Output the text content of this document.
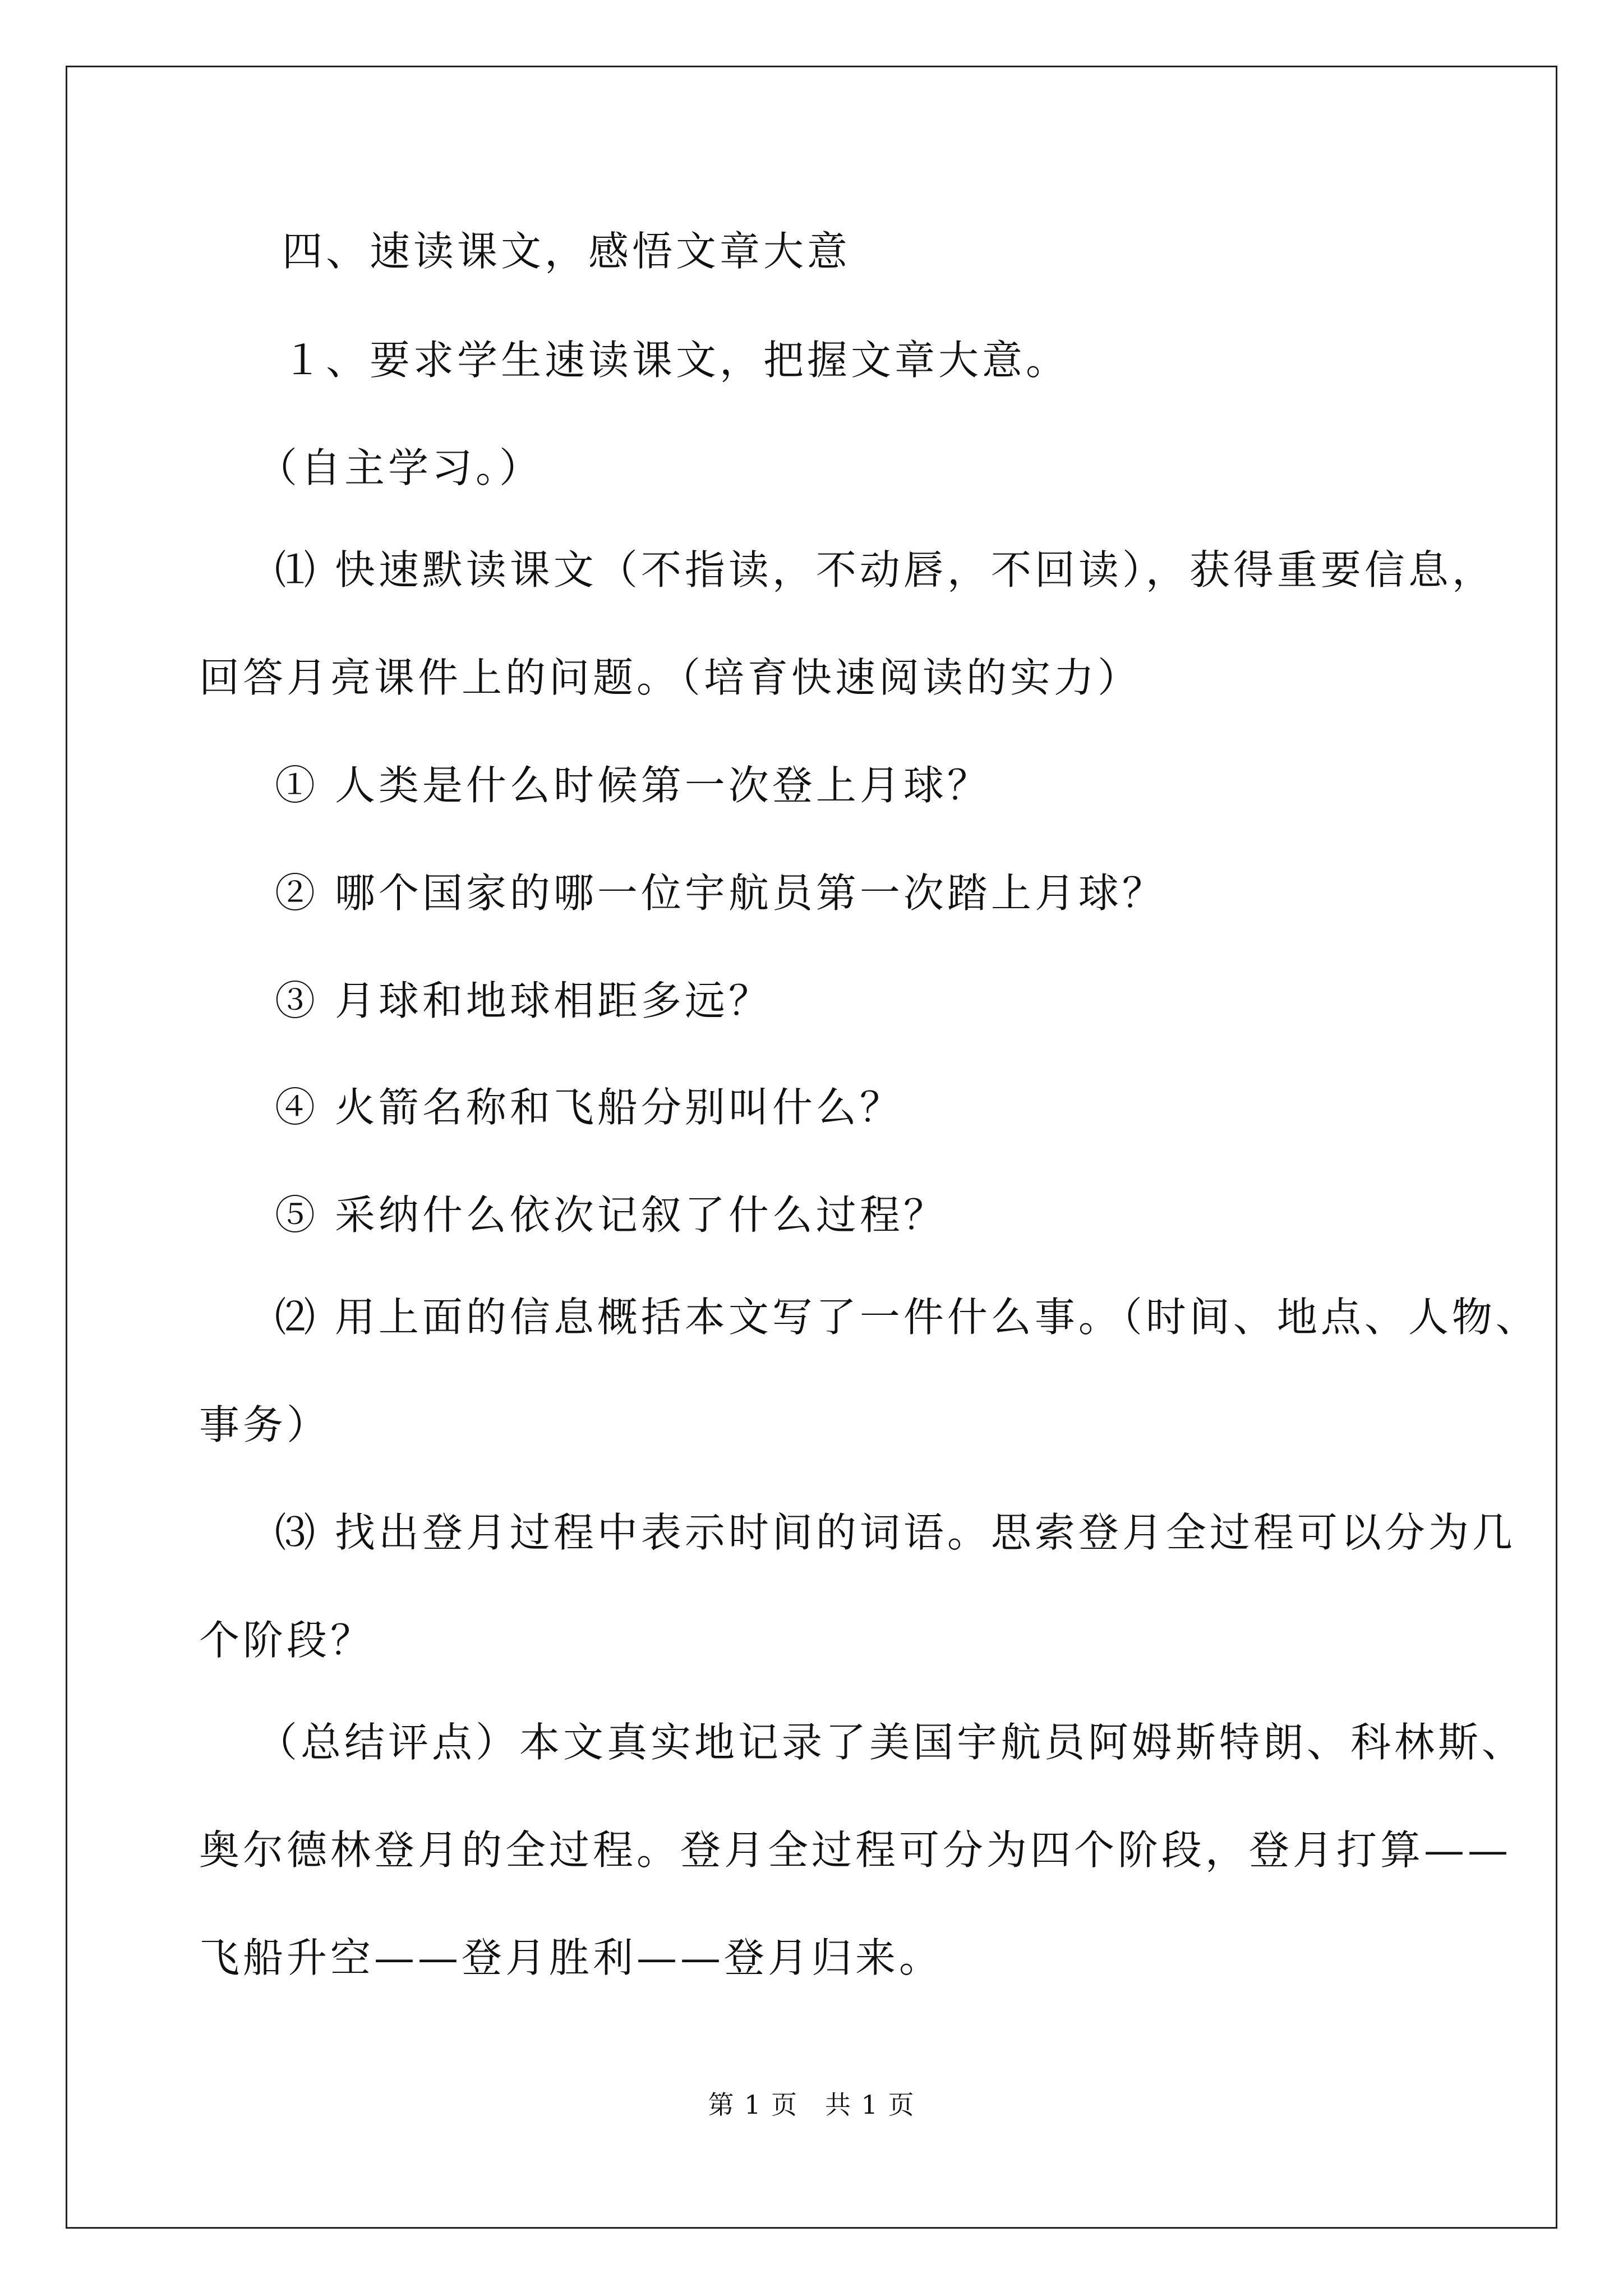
四、速读课文，感悟文章大意
１、要求学生速读课文，把握文章大意。
（自主学习。）
⑴ 快速默读课文（不指读，不动唇，不回读），获得重要信息，
回答月亮课件上的问题。（培育快速阅读的实力）
① 人类是什么时候第一次登上月球？
② 哪个国家的哪一位宇航员第一次踏上月球？
③ 月球和地球相距多远？
④ 火箭名称和飞船分别叫什么？
⑤ 采纳什么依次记叙了什么过程？
⑵ 用上面的信息概括本文写了一件什么事。（时间、地点、人物、
事务）
⑶ 找出登月过程中表示时间的词语。思索登月全过程可以分为几
个阶段？
（总结评点）本文真实地记录了美国宇航员阿姆斯特朗、科林斯、
奥尔德林登月的全过程。登月全过程可分为四个阶段，登月打算——
飞船升空——登月胜利——登月归来。
第 1 页　共 1 页
